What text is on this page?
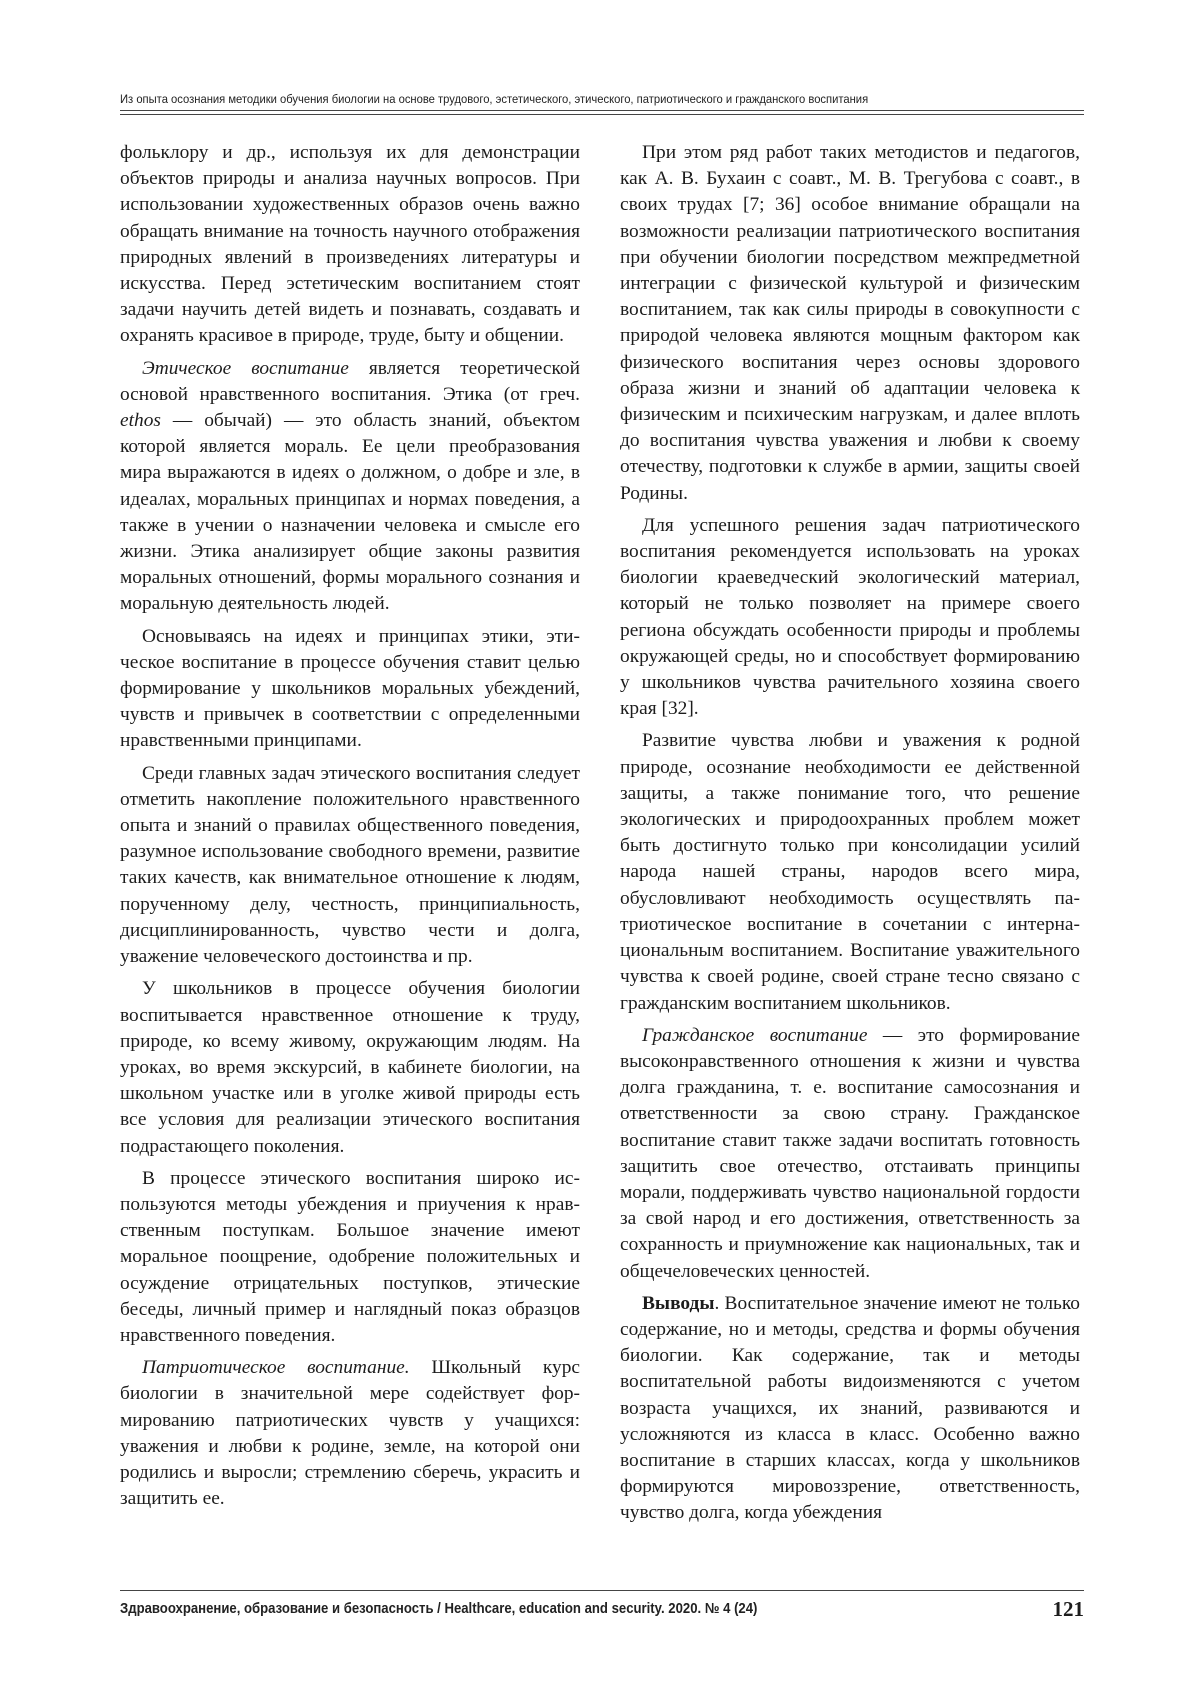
Из опыта осознания методики обучения биологии на основе трудового, эстетического, этического, патриотического и гражданского воспитания

фольклору и др., используя их для демонстрации объектов природы и анализа научных вопросов. При использовании художественных образов очень важно обращать внимание на точность научного отображения природных явлений в произведениях литературы и искусства. Перед эстетическим воспитанием стоят задачи научить детей видеть и познавать, создавать и охранять красивое в природе, труде, быту и общении.

Этическое воспитание является теоретической основой нравственного воспитания. Этика (от греч. ethos — обычай) — это область знаний, объектом которой является мораль. Ее цели преобразования мира выражаются в идеях о должном, о добре и зле, в идеалах, моральных принципах и нормах поведения, а также в учении о назначении человека и смысле его жизни. Этика анализирует общие законы развития моральных отношений, формы морального сознания и моральную деятельность людей.

Основываясь на идеях и принципах этики, этическое воспитание в процессе обучения ставит целью формирование у школьников моральных убеждений, чувств и привычек в соответствии с определенными нравственными принципами.

Среди главных задач этического воспитания следует отметить накопление положительного нравственного опыта и знаний о правилах общественного поведения, разумное использование свободного времени, развитие таких качеств, как внимательное отношение к людям, порученному делу, честность, принципиальность, дисциплинированность, чувство чести и долга, уважение человеческого достоинства и пр.

У школьников в процессе обучения биологии воспитывается нравственное отношение к труду, природе, ко всему живому, окружающим людям. На уроках, во время экскурсий, в кабинете биологии, на школьном участке или в уголке живой природы есть все условия для реализации этического воспитания подрастающего поколения.

В процессе этического воспитания широко используются методы убеждения и приучения к нравственным поступкам. Большое значение имеют моральное поощрение, одобрение положительных и осуждение отрицательных поступков, этические беседы, личный пример и наглядный показ образцов нравственного поведения.

Патриотическое воспитание. Школьный курс биологии в значительной мере содействует формированию патриотических чувств у учащихся: уважения и любви к родине, земле, на которой они родились и выросли; стремлению сберечь, украсить и защитить ее.

При этом ряд работ таких методистов и педагогов, как А. В. Бухаин с соавт., М. В. Трегубова с соавт., в своих трудах [7; 36] особое внимание обращали на возможности реализации патриотического воспитания при обучении биологии посредством межпредметной интеграции с физической культурой и физическим воспитанием, так как силы природы в совокупности с природой человека являются мощным фактором как физического воспитания через основы здорового образа жизни и знаний об адаптации человека к физическим и психическим нагрузкам, и далее вплоть до воспитания чувства уважения и любви к своему отечеству, подготовки к службе в армии, защиты своей Родины.

Для успешного решения задач патриотического воспитания рекомендуется использовать на уроках биологии краеведческий экологический материал, который не только позволяет на примере своего региона обсуждать особенности природы и проблемы окружающей среды, но и способствует формированию у школьников чувства рачительного хозяина своего края [32].

Развитие чувства любви и уважения к родной природе, осознание необходимости ее действенной защиты, а также понимание того, что решение экологических и природоохранных проблем может быть достигнуто только при консолидации усилий народа нашей страны, народов всего мира, обусловливают необходимость осуществлять патриотическое воспитание в сочетании с интернациональным воспитанием. Воспитание уважительного чувства к своей родине, своей стране тесно связано с гражданским воспитанием школьников.

Гражданское воспитание — это формирование высоконравственного отношения к жизни и чувства долга гражданина, т. е. воспитание самосознания и ответственности за свою страну. Гражданское воспитание ставит также задачи воспитать готовность защитить свое отечество, отстаивать принципы морали, поддерживать чувство национальной гордости за свой народ и его достижения, ответственность за сохранность и приумножение как национальных, так и общечеловеческих ценностей.

Выводы. Воспитательное значение имеют не только содержание, но и методы, средства и формы обучения биологии. Как содержание, так и методы воспитательной работы видоизменяются с учетом возраста учащихся, их знаний, развиваются и усложняются из класса в класс. Особенно важно воспитание в старших классах, когда у школьников формируются мировоззрение, ответственность, чувство долга, когда убеждения

Здравоохранение, образование и безопасность / Healthcare, education and security. 2020. № 4 (24)	121
